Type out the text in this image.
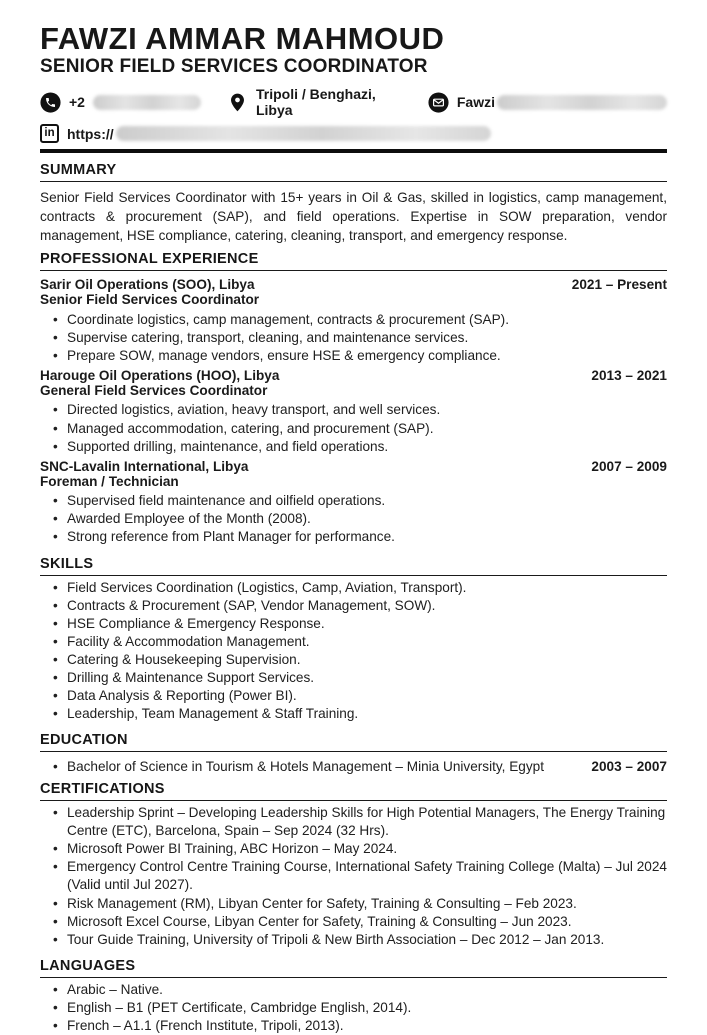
FAWZI AMMAR MAHMOUD
SENIOR FIELD SERVICES COORDINATOR
+2	Tripoli / Benghazi, Libya	Fawzi
in https://
SUMMARY

Senior Field Services Coordinator with 15+ years in Oil & Gas, skilled in logistics, camp management, contracts & procurement (SAP), and field operations. Expertise in SOW preparation, vendor management, HSE compliance, catering, cleaning, transport, and emergency response.

PROFESSIONAL EXPERIENCE
Sarir Oil Operations (SOO), Libya	2021 – Present
Senior Field Services Coordinator
• Coordinate logistics, camp management, contracts & procurement (SAP).
• Supervise catering, transport, cleaning, and maintenance services.
• Prepare SOW, manage vendors, ensure HSE & emergency compliance.
Harouge Oil Operations (HOO), Libya	2013 – 2021
General Field Services Coordinator
• Directed logistics, aviation, heavy transport, and well services.
• Managed accommodation, catering, and procurement (SAP).
• Supported drilling, maintenance, and field operations.
SNC-Lavalin International, Libya	2007 – 2009
Foreman / Technician
• Supervised field maintenance and oilfield operations.
• Awarded Employee of the Month (2008).
• Strong reference from Plant Manager for performance.
SKILLS
• Field Services Coordination (Logistics, Camp, Aviation, Transport).
• Contracts & Procurement (SAP, Vendor Management, SOW).
• HSE Compliance & Emergency Response.
• Facility & Accommodation Management.
• Catering & Housekeeping Supervision.
• Drilling & Maintenance Support Services.
• Data Analysis & Reporting (Power BI).
• Leadership, Team Management & Staff Training.
EDUCATION
• Bachelor of Science in Tourism & Hotels Management – Minia University, Egypt	2003 – 2007
CERTIFICATIONS
• Leadership Sprint – Developing Leadership Skills for High Potential Managers, The Energy Training Centre (ETC), Barcelona, Spain – Sep 2024 (32 Hrs).
• Microsoft Power BI Training, ABC Horizon – May 2024.
• Emergency Control Centre Training Course, International Safety Training College (Malta) – Jul 2024 (Valid until Jul 2027).
• Risk Management (RM), Libyan Center for Safety, Training & Consulting – Feb 2023.
• Microsoft Excel Course, Libyan Center for Safety, Training & Consulting – Jun 2023.
• Tour Guide Training, University of Tripoli & New Birth Association – Dec 2012 – Jan 2013.
LANGUAGES
• Arabic – Native.
• English – B1 (PET Certificate, Cambridge English, 2014).
• French – A1.1 (French Institute, Tripoli, 2013).
